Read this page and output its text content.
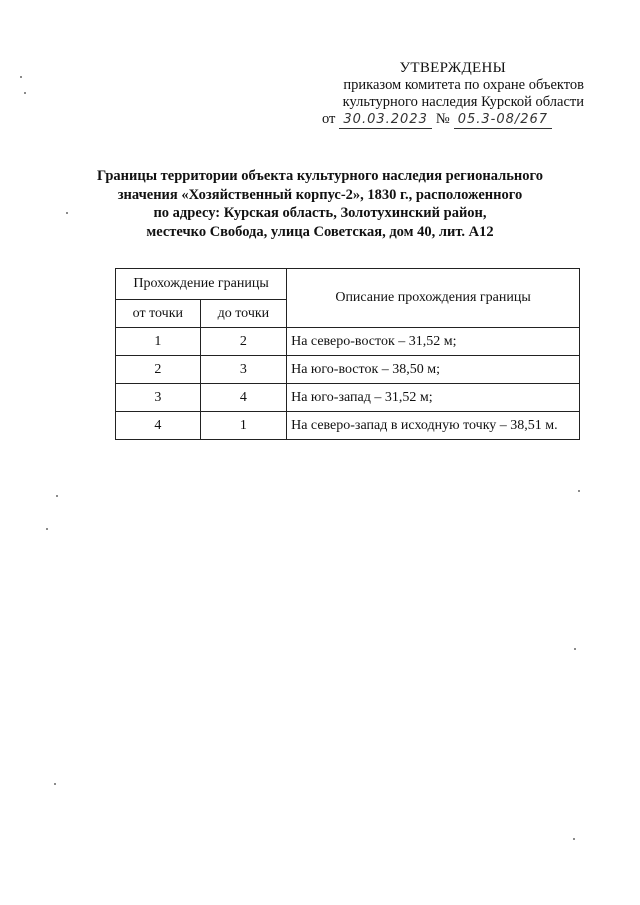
УТВЕРЖДЕНЫ
приказом комитета по охране объектов
культурного наследия Курской области
от 30.03.2023 № 05.3-08/267
Границы территории объекта культурного наследия регионального
значения «Хозяйственный корпус-2», 1830 г., расположенного
по адресу: Курская область, Золотухинский район,
местечко Свобода, улица Советская, дом 40, лит. А12
Прохождение границы		Описание прохождения границы
от точки	до точки	
1	2	На северо-восток – 31,52 м;
2	3	На юго-восток – 38,50 м;
3	4	На юго-запад – 31,52 м;
4	1	На северо-запад в исходную точку – 38,51 м.
